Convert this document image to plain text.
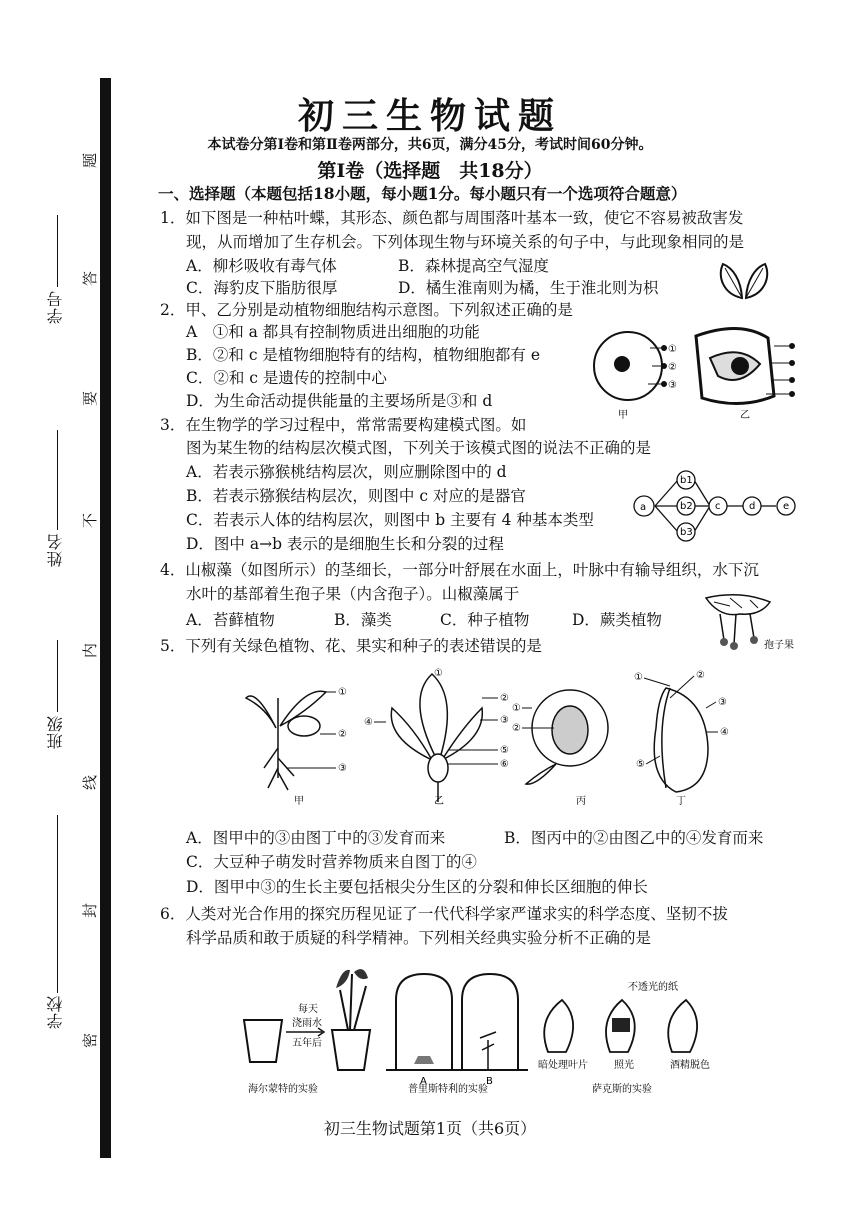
学号
姓名
班级
学校
题
答
要
不
内
线
封
密
初三生物试题
本试卷分第Ⅰ卷和第Ⅱ卷两部分，共6页，满分45分，考试时间60分钟。
第Ⅰ卷（选择题　共18分）
一、选择题（本题包括18小题，每小题1分。每小题只有一个选项符合题意）
1．如下图是一种枯叶蝶，其形态、颜色都与周围落叶基本一致，使它不容易被敌害发
现，从而增加了生存机会。下列体现生物与环境关系的句子中，与此现象相同的是
A．柳杉吸收有毒气体	B．森林提高空气湿度
C．海豹皮下脂肪很厚	D．橘生淮南则为橘，生于淮北则为枳
2．甲、乙分别是动植物细胞结构示意图。下列叙述正确的是
A　①和 a 都具有控制物质进出细胞的功能
B．②和 c 是植物细胞特有的结构，植物细胞都有 e
C．②和 c 是遗传的控制中心
D．为生命活动提供能量的主要场所是③和 d
①
②
③
甲	乙
3．在生物学的学习过程中，常常需要构建模式图。如
图为某生物的结构层次模式图，下列关于该模式图的说法不正确的是
A．若表示猕猴桃结构层次，则应删除图中的 d
B．若表示猕猴结构层次，则图中 c 对应的是器官
C．若表示人体的结构层次，则图中 b 主要有 4 种基本类型
D．图中 a→b 表示的是细胞生长和分裂的过程
a
b1
b2
b3
c	d	e
4．山椒藻（如图所示）的茎细长，一部分叶舒展在水面上，叶脉中有输导组织，水下沉
水叶的基部着生孢子果（内含孢子）。山椒藻属于
A．苔藓植物	B．藻类	C．种子植物	D．蕨类植物
孢子果
5．下列有关绿色植物、花、果实和种子的表述错误的是
①
②
③
①
②
③
④
⑤
⑥
①
②
①	②
③
④
⑤
甲	乙	丙	丁
A．图甲中的③由图丁中的③发育而来	B．图丙中的②由图乙中的④发育而来
C．大豆种子萌发时营养物质来自图丁的④
D．图甲中③的生长主要包括根尖分生区的分裂和伸长区细胞的伸长
6．人类对光合作用的探究历程见证了一代代科学家严谨求实的科学态度、坚韧不拔
科学品质和敢于质疑的科学精神。下列相关经典实验分析不正确的是
每天
浇雨水
五年后
A	B
不透光的纸
暗处理叶片	照光	酒精脱色
海尔蒙特的实验	普里斯特利的实验	萨克斯的实验
初三生物试题第1页（共6页）
